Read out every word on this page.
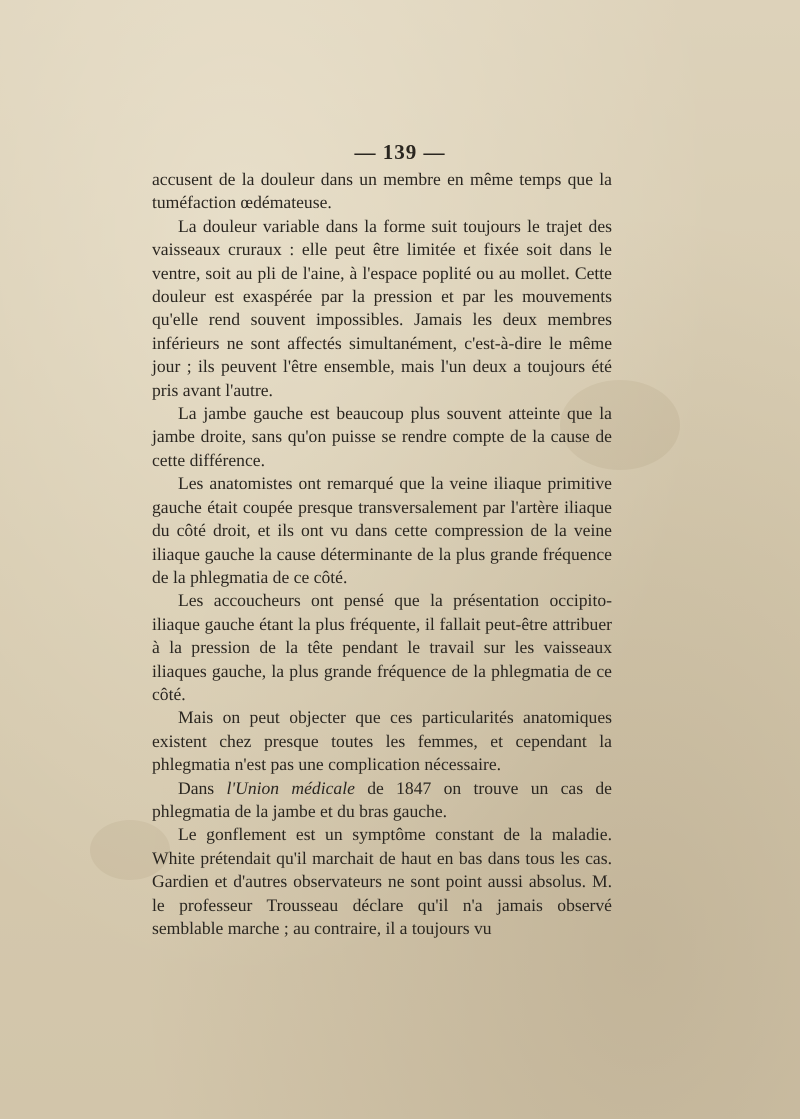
— 139 —

accusent de la douleur dans un membre en même temps que la tuméfaction œdémateuse.

La douleur variable dans la forme suit toujours le trajet des vaisseaux cruraux : elle peut être limitée et fixée soit dans le ventre, soit au pli de l'aine, à l'espace poplité ou au mollet. Cette douleur est exaspérée par la pression et par les mouvements qu'elle rend souvent impossibles. Jamais les deux membres inférieurs ne sont affectés simultanément, c'est-à-dire le même jour ; ils peuvent l'être ensemble, mais l'un deux a toujours été pris avant l'autre.

La jambe gauche est beaucoup plus souvent atteinte que la jambe droite, sans qu'on puisse se rendre compte de la cause de cette différence.

Les anatomistes ont remarqué que la veine iliaque primitive gauche était coupée presque transversalement par l'artère iliaque du côté droit, et ils ont vu dans cette compression de la veine iliaque gauche la cause déterminante de la plus grande fréquence de la phlegmatia de ce côté.

Les accoucheurs ont pensé que la présentation occipito-iliaque gauche étant la plus fréquente, il fallait peut-être attribuer à la pression de la tête pendant le travail sur les vaisseaux iliaques gauche, la plus grande fréquence de la phlegmatia de ce côté.

Mais on peut objecter que ces particularités anatomiques existent chez presque toutes les femmes, et cependant la phlegmatia n'est pas une complication nécessaire.

Dans l'Union médicale de 1847 on trouve un cas de phlegmatia de la jambe et du bras gauche.

Le gonflement est un symptôme constant de la maladie. White prétendait qu'il marchait de haut en bas dans tous les cas. Gardien et d'autres observateurs ne sont point aussi absolus. M. le professeur Trousseau déclare qu'il n'a jamais observé semblable marche ; au contraire, il a toujours vu
